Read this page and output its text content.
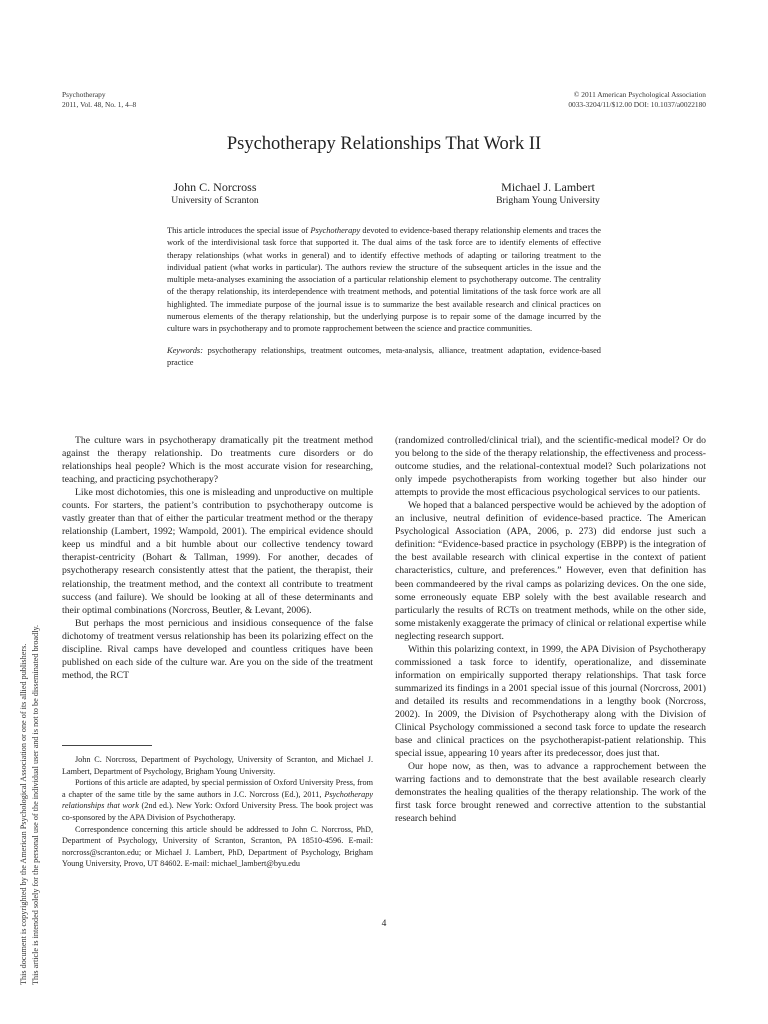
Psychotherapy
2011, Vol. 48, No. 1, 4–8
© 2011 American Psychological Association
0033-3204/11/$12.00 DOI: 10.1037/a0022180
Psychotherapy Relationships That Work II
John C. Norcross
University of Scranton
Michael J. Lambert
Brigham Young University

This article introduces the special issue of Psychotherapy devoted to evidence-based therapy relationship elements and traces the work of the interdivisional task force that supported it. The dual aims of the task force are to identify elements of effective therapy relationships (what works in general) and to identify effective methods of adapting or tailoring treatment to the individual patient (what works in particular). The authors review the structure of the subsequent articles in the issue and the multiple meta-analyses examining the association of a particular relationship element to psychotherapy outcome. The centrality of the therapy relationship, its interdependence with treatment methods, and potential limitations of the task force work are all highlighted. The immediate purpose of the journal issue is to summarize the best available research and clinical practices on numerous elements of the therapy relationship, but the underlying purpose is to repair some of the damage incurred by the culture wars in psychotherapy and to promote rapprochement between the science and practice communities.

Keywords: psychotherapy relationships, treatment outcomes, meta-analysis, alliance, treatment adaptation, evidence-based practice

The culture wars in psychotherapy dramatically pit the treatment method against the therapy relationship. Do treatments cure disorders or do relationships heal people? Which is the most accurate vision for researching, teaching, and practicing psychotherapy?

Like most dichotomies, this one is misleading and unproductive on multiple counts. For starters, the patient’s contribution to psychotherapy outcome is vastly greater than that of either the particular treatment method or the therapy relationship (Lambert, 1992; Wampold, 2001). The empirical evidence should keep us mindful and a bit humble about our collective tendency toward therapist-centricity (Bohart & Tallman, 1999). For another, decades of psychotherapy research consistently attest that the patient, the therapist, their relationship, the treatment method, and the context all contribute to treatment success (and failure). We should be looking at all of these determinants and their optimal combinations (Norcross, Beutler, & Levant, 2006).

But perhaps the most pernicious and insidious consequence of the false dichotomy of treatment versus relationship has been its polarizing effect on the discipline. Rival camps have developed and countless critiques have been published on each side of the culture war. Are you on the side of the treatment method, the RCT

(randomized controlled/clinical trial), and the scientific-medical model? Or do you belong to the side of the therapy relationship, the effectiveness and process-outcome studies, and the relational-contextual model? Such polarizations not only impede psychotherapists from working together but also hinder our attempts to provide the most efficacious psychological services to our patients.

We hoped that a balanced perspective would be achieved by the adoption of an inclusive, neutral definition of evidence-based practice. The American Psychological Association (APA, 2006, p. 273) did endorse just such a definition: “Evidence-based practice in psychology (EBPP) is the integration of the best available research with clinical expertise in the context of patient characteristics, culture, and preferences.” However, even that definition has been commandeered by the rival camps as polarizing devices. On the one side, some erroneously equate EBP solely with the best available research and particularly the results of RCTs on treatment methods, while on the other side, some mistakenly exaggerate the primacy of clinical or relational expertise while neglecting research support.

Within this polarizing context, in 1999, the APA Division of Psychotherapy commissioned a task force to identify, operationalize, and disseminate information on empirically supported therapy relationships. That task force summarized its findings in a 2001 special issue of this journal (Norcross, 2001) and detailed its results and recommendations in a lengthy book (Norcross, 2002). In 2009, the Division of Psychotherapy along with the Division of Clinical Psychology commissioned a second task force to update the research base and clinical practices on the psychotherapist-patient relationship. This special issue, appearing 10 years after its predecessor, does just that.

Our hope now, as then, was to advance a rapprochement between the warring factions and to demonstrate that the best available research clearly demonstrates the healing qualities of the therapy relationship. The work of the first task force brought renewed and corrective attention to the substantial research behind

John C. Norcross, Department of Psychology, University of Scranton, and Michael J. Lambert, Department of Psychology, Brigham Young University.

Portions of this article are adapted, by special permission of Oxford University Press, from a chapter of the same title by the same authors in J.C. Norcross (Ed.), 2011, Psychotherapy relationships that work (2nd ed.). New York: Oxford University Press. The book project was co-sponsored by the APA Division of Psychotherapy.

Correspondence concerning this article should be addressed to John C. Norcross, PhD, Department of Psychology, University of Scranton, Scranton, PA 18510-4596. E-mail: norcross@scranton.edu; or Michael J. Lambert, PhD, Department of Psychology, Brigham Young University, Provo, UT 84602. E-mail: michael_lambert@byu.edu

4
This document is copyrighted by the American Psychological Association or one of its allied publishers. This article is intended solely for the personal use of the individual user and is not to be disseminated broadly.
